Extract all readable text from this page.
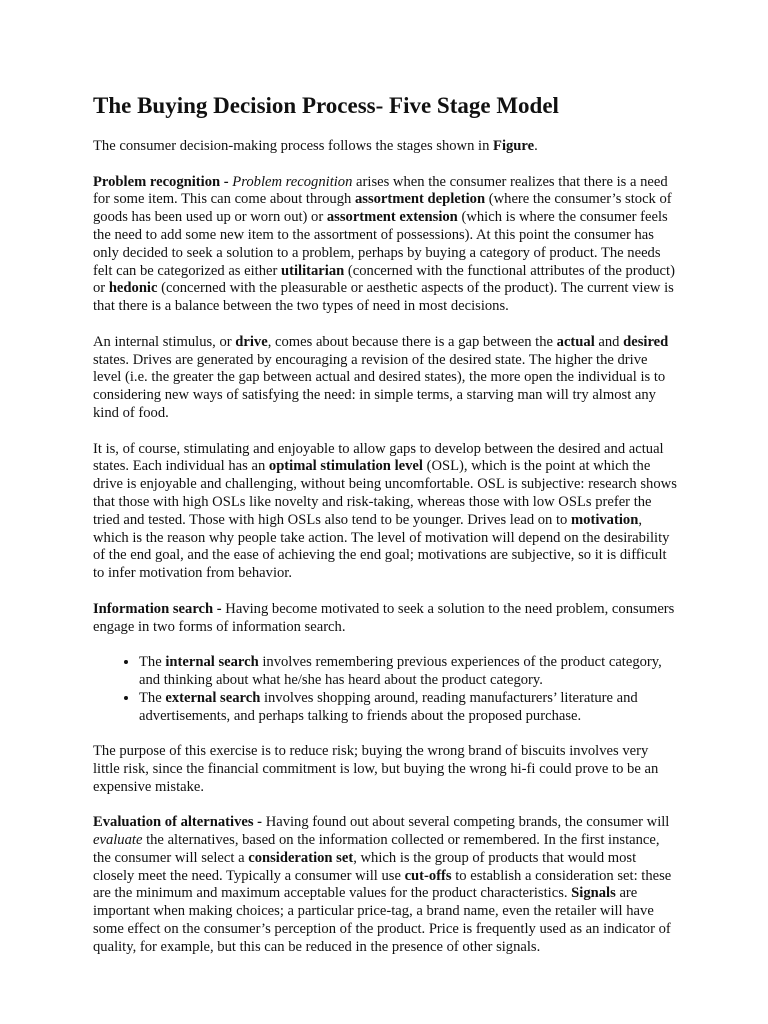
The Buying Decision Process- Five Stage Model

The consumer decision-making process follows the stages shown in Figure.

Problem recognition - Problem recognition arises when the consumer realizes that there is a need for some item. This can come about through assortment depletion (where the consumer’s stock of goods has been used up or worn out) or assortment extension (which is where the consumer feels the need to add some new item to the assortment of possessions). At this point the consumer has only decided to seek a solution to a problem, perhaps by buying a category of product. The needs felt can be categorized as either utilitarian (concerned with the functional attributes of the product) or hedonic (concerned with the pleasurable or aesthetic aspects of the product). The current view is that there is a balance between the two types of need in most decisions.

An internal stimulus, or drive, comes about because there is a gap between the actual and desired states. Drives are generated by encouraging a revision of the desired state. The higher the drive level (i.e. the greater the gap between actual and desired states), the more open the individual is to considering new ways of satisfying the need: in simple terms, a starving man will try almost any kind of food.

It is, of course, stimulating and enjoyable to allow gaps to develop between the desired and actual states. Each individual has an optimal stimulation level (OSL), which is the point at which the drive is enjoyable and challenging, without being uncomfortable. OSL is subjective: research shows that those with high OSLs like novelty and risk-taking, whereas those with low OSLs prefer the tried and tested. Those with high OSLs also tend to be younger. Drives lead on to motivation, which is the reason why people take action. The level of motivation will depend on the desirability of the end goal, and the ease of achieving the end goal; motivations are subjective, so it is difficult to infer motivation from behavior.

Information search - Having become motivated to seek a solution to the need problem, consumers engage in two forms of information search.

• The internal search involves remembering previous experiences of the product category, and thinking about what he/she has heard about the product category.
• The external search involves shopping around, reading manufacturers’ literature and advertisements, and perhaps talking to friends about the proposed purchase.

The purpose of this exercise is to reduce risk; buying the wrong brand of biscuits involves very little risk, since the financial commitment is low, but buying the wrong hi-fi could prove to be an expensive mistake.

Evaluation of alternatives - Having found out about several competing brands, the consumer will evaluate the alternatives, based on the information collected or remembered. In the first instance, the consumer will select a consideration set, which is the group of products that would most closely meet the need. Typically a consumer will use cut-offs to establish a consideration set: these are the minimum and maximum acceptable values for the product characteristics. Signals are important when making choices; a particular price-tag, a brand name, even the retailer will have some effect on the consumer’s perception of the product. Price is frequently used as an indicator of quality, for example, but this can be reduced in the presence of other signals.
